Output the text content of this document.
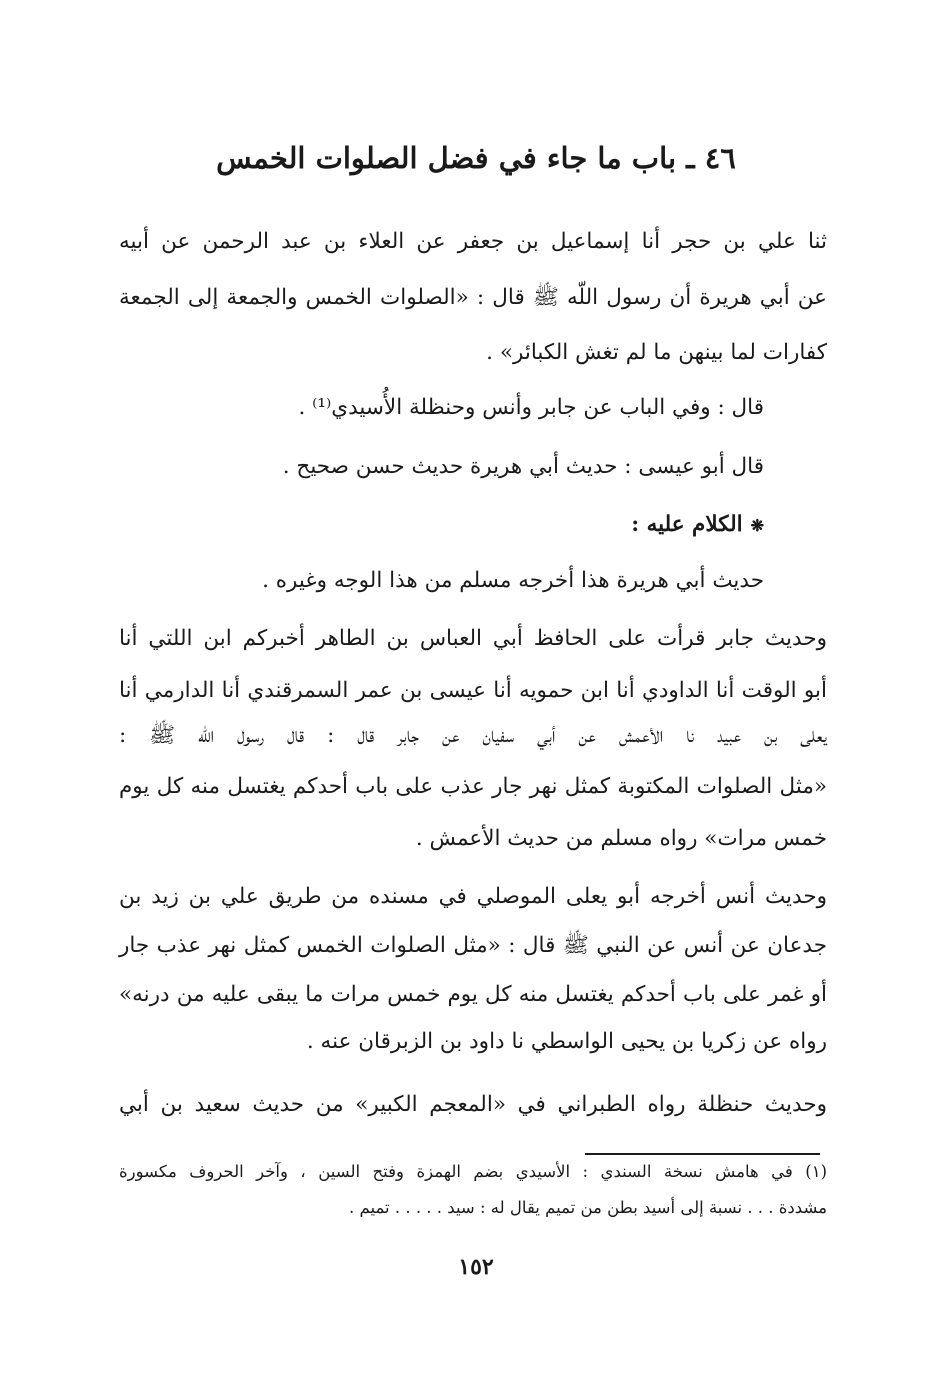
٤٦ ـ باب ما جاء في فضل الصلوات الخمس
ثنا علي بن حجر أنا إسماعيل بن جعفر عن العلاء بن عبد الرحمن عن أبيه
عن أبي هريرة أن رسول اللّه ﷺ قال : «الصلوات الخمس والجمعة إلى الجمعة
كفارات لما بينهن ما لم تغش الكبائر» .
قال : وفي الباب عن جابر وأنس وحنظلة الأُسيدي⁽¹⁾ .
قال أبو عيسى : حديث أبي هريرة حديث حسن صحيح .
❋الكلام عليه :
حديث أبي هريرة هذا أخرجه مسلم من هذا الوجه وغيره .
وحديث جابر قرأت على الحافظ أبي العباس بن الطاهر أخبركم ابن اللتي أنا
أبو الوقت أنا الداودي أنا ابن حمويه أنا عيسى بن عمر السمرقندي أنا الدارمي أنا
يعلى بن عبيد نا الأعمش عن أبي سفيان عن جابر قال : قال رسول اللّه ﷺ :
«مثل الصلوات المكتوبة كمثل نهر جار عذب على باب أحدكم يغتسل منه كل يوم
خمس مرات» رواه مسلم من حديث الأعمش .
وحديث أنس أخرجه أبو يعلى الموصلي في مسنده من طريق علي بن زيد بن
جدعان عن أنس عن النبي ﷺ قال : «مثل الصلوات الخمس كمثل نهر عذب جار
أو غمر على باب أحدكم يغتسل منه كل يوم خمس مرات ما يبقى عليه من درنه»
رواه عن زكريا بن يحيى الواسطي نا داود بن الزبرقان عنه .
وحديث حنظلة رواه الطبراني في «المعجم الكبير» من حديث سعيد بن أبي
(١) في هامش نسخة السندي : الأسيدي بضم الهمزة وفتح السين ، وآخر الحروف مكسورة
مشددة . . . نسبة إلى أسيد بطن من تميم يقال له : سيد . . . . . تميم .
١٥٢
